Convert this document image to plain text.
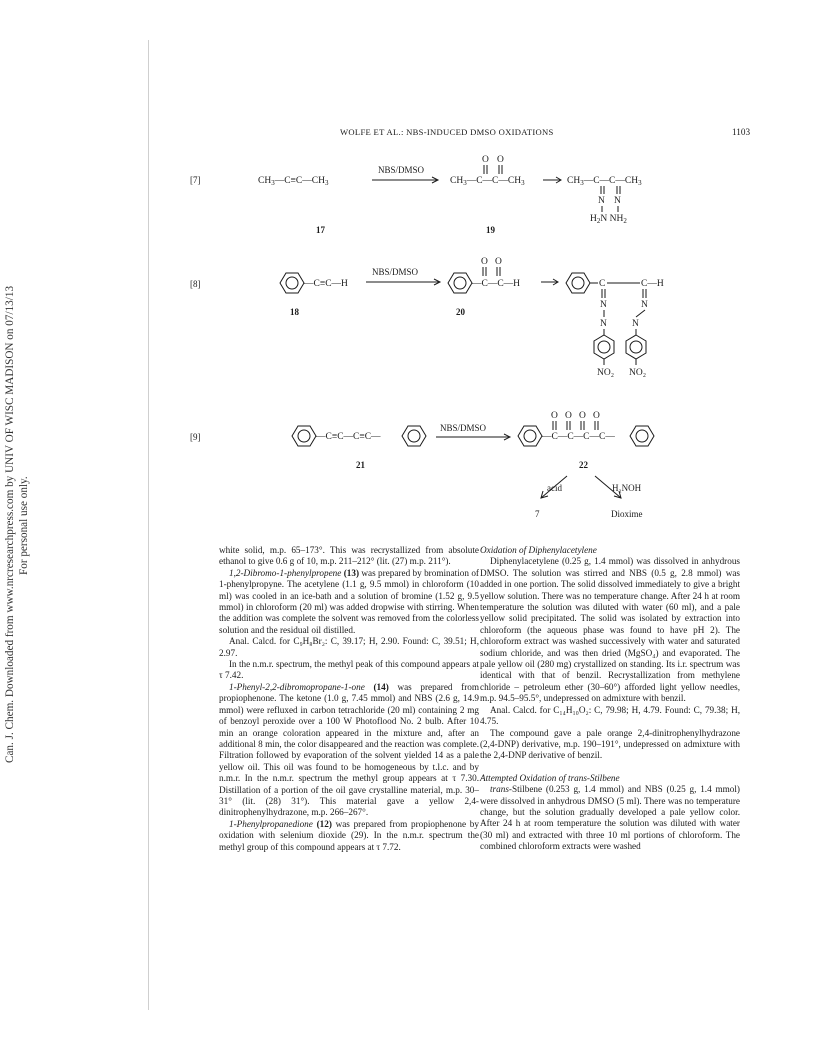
Can. J. Chem. Downloaded from www.nrcresearchpress.com by UNIV OF WISC MADISON on 07/13/13 For personal use only.
WOLFE ET AL.: NBS-INDUCED DMSO OXIDATIONS	1103
[7]	$CH_3—C\equiv C—CH_3$
NBS/DMSO
$CH_3—C—C—CH_3$
O O
$CH_3—C—C—CH_3$
N N
$H_2N$ $NH_2$
17	19
[8]	—C≡C—H
NBS/DMSO
—C—C—H
O O
C	C—H
N	N
N	N
NO₂ NO₂
18	20
[9]	—C≡C—C≡C—
NBS/DMSO
—C—C—C—C—
O O O O
21	22
acid	H₂NOH
7	Dioxime

white solid, m.p. 65–173°. This was recrystallized from absolute ethanol to give 0.6 g of 10, m.p. 211–212° (lit. (27) m.p. 211°).

1,2-Dibromo-1-phenylpropene (13) was prepared by bromination of 1-phenylpropyne. The acetylene (1.1 g, 9.5 mmol) in chloroform (10 ml) was cooled in an ice-bath and a solution of bromine (1.52 g, 9.5 mmol) in chloroform (20 ml) was added dropwise with stirring. When the addition was complete the solvent was removed from the colorless solution and the residual oil distilled.

Anal. Calcd. for C₉H₈Br₂: C, 39.17; H, 2.90. Found: C, 39.51; H, 2.97.

In the n.m.r. spectrum, the methyl peak of this compound appears at τ 7.42.

1-Phenyl-2,2-dibromopropane-1-one (14) was prepared from propiophenone. The ketone (1.0 g, 7.45 mmol) and NBS (2.6 g, 14.9 mmol) were refluxed in carbon tetrachloride (20 ml) containing 2 mg of benzoyl peroxide over a 100 W Photoflood No. 2 bulb. After 10 min an orange coloration appeared in the mixture and, after an additional 8 min, the color disappeared and the reaction was complete. Filtration followed by evaporation of the solvent yielded 14 as a pale yellow oil. This oil was found to be homogeneous by t.l.c. and by n.m.r. In the n.m.r. spectrum the methyl group appears at τ 7.30. Distillation of a portion of the oil gave crystalline material, m.p. 30–31° (lit. (28) 31°). This material gave a yellow 2,4-dinitrophenylhydrazone, m.p. 266–267°.

1-Phenylpropanedione (12) was prepared from propiophenone by oxidation with selenium dioxide (29). In the n.m.r. spectrum the methyl group of this compound appears at τ 7.72.

Oxidation of Diphenylacetylene

Diphenylacetylene (0.25 g, 1.4 mmol) was dissolved in anhydrous DMSO. The solution was stirred and NBS (0.5 g, 2.8 mmol) was added in one portion. The solid dissolved immediately to give a bright yellow solution. There was no temperature change. After 24 h at room temperature the solution was diluted with water (60 ml), and a pale yellow solid precipitated. The solid was isolated by extraction into chloroform (the aqueous phase was found to have pH 2). The chloroform extract was washed successively with water and saturated sodium chloride, and was then dried (MgSO₄) and evaporated. The pale yellow oil (280 mg) crystallized on standing. Its i.r. spectrum was identical with that of benzil. Recrystallization from methylene chloride – petroleum ether (30–60°) afforded light yellow needles, m.p. 94.5–95.5°, undepressed on admixture with benzil.

Anal. Calcd. for C₁₄H₁₀O₂: C, 79.98; H, 4.79. Found: C, 79.38; H, 4.75.

The compound gave a pale orange 2,4-dinitrophenylhydrazone (2,4-DNP) derivative, m.p. 190–191°, undepressed on admixture with the 2,4-DNP derivative of benzil.

Attempted Oxidation of trans-Stilbene

trans-Stilbene (0.253 g, 1.4 mmol) and NBS (0.25 g, 1.4 mmol) were dissolved in anhydrous DMSO (5 ml). There was no temperature change, but the solution gradually developed a pale yellow color. After 24 h at room temperature the solution was diluted with water (30 ml) and extracted with three 10 ml portions of chloroform. The combined chloroform extracts were washed
